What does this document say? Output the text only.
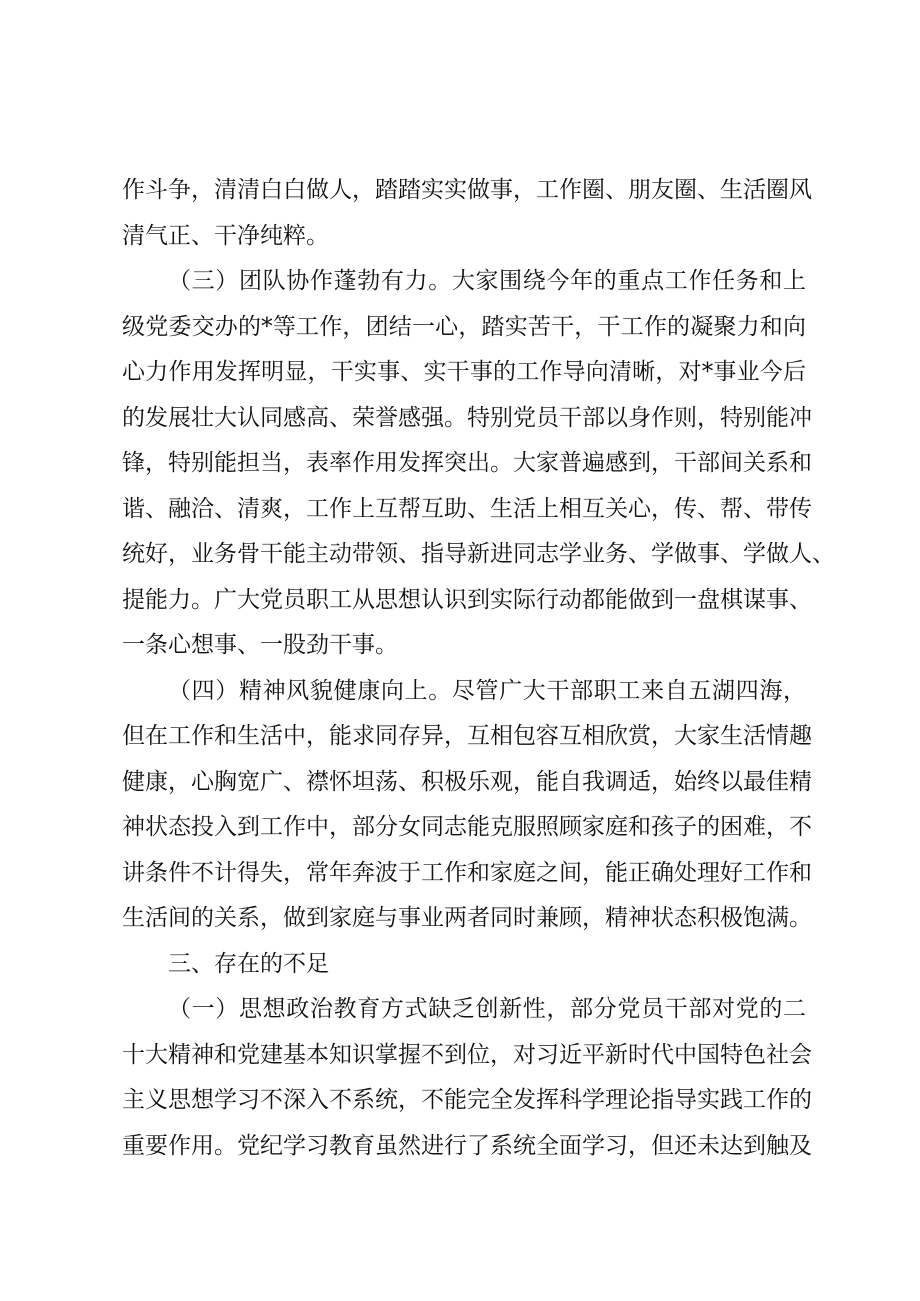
作斗争，清清白白做人，踏踏实实做事，工作圈、朋友圈、生活圈风
清气正、干净纯粹。

（三）团队协作蓬勃有力。大家围绕今年的重点工作任务和上
级党委交办的*等工作，团结一心，踏实苦干，干工作的凝聚力和向
心力作用发挥明显，干实事、实干事的工作导向清晰，对*事业今后
的发展壮大认同感高、荣誉感强。特别党员干部以身作则，特别能冲
锋，特别能担当，表率作用发挥突出。大家普遍感到，干部间关系和
谐、融洽、清爽，工作上互帮互助、生活上相互关心，传、帮、带传
统好，业务骨干能主动带领、指导新进同志学业务、学做事、学做人、
提能力。广大党员职工从思想认识到实际行动都能做到一盘棋谋事、
一条心想事、一股劲干事。

（四）精神风貌健康向上。尽管广大干部职工来自五湖四海，
但在工作和生活中，能求同存异，互相包容互相欣赏，大家生活情趣
健康，心胸宽广、襟怀坦荡、积极乐观，能自我调适，始终以最佳精
神状态投入到工作中，部分女同志能克服照顾家庭和孩子的困难，不
讲条件不计得失，常年奔波于工作和家庭之间，能正确处理好工作和
生活间的关系，做到家庭与事业两者同时兼顾，精神状态积极饱满。

三、存在的不足

（一）思想政治教育方式缺乏创新性，部分党员干部对党的二
十大精神和党建基本知识掌握不到位，对习近平新时代中国特色社会
主义思想学习不深入不系统，不能完全发挥科学理论指导实践工作的
重要作用。党纪学习教育虽然进行了系统全面学习，但还未达到触及
